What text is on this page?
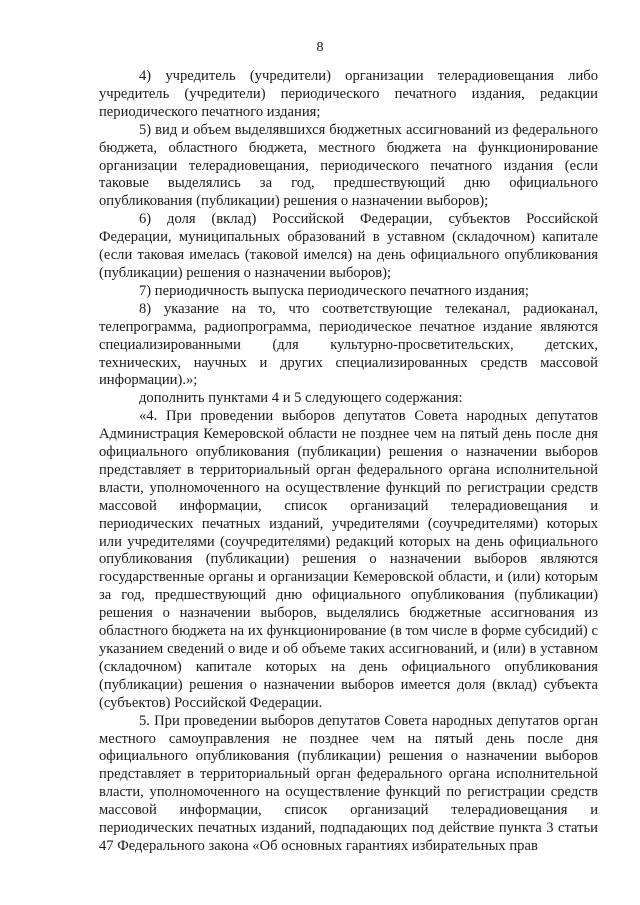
8

4) учредитель (учредители) организации телерадиовещания либо учредитель (учредители) периодического печатного издания, редакции периодического печатного издания;

5) вид и объем выделявшихся бюджетных ассигнований из федерального бюджета, областного бюджета, местного бюджета на функционирование организации телерадиовещания, периодического печатного издания (если таковые выделялись за год, предшествующий дню официального опубликования (публикации) решения о назначении выборов);

6) доля (вклад) Российской Федерации, субъектов Российской Федерации, муниципальных образований в уставном (складочном) капитале (если таковая имелась (таковой имелся) на день официального опубликования (публикации) решения о назначении выборов);

7) периодичность выпуска периодического печатного издания;

8) указание на то, что соответствующие телеканал, радиоканал, телепрограмма, радиопрограмма, периодическое печатное издание являются специализированными (для культурно-просветительских, детских, технических, научных и других специализированных средств массовой информации).»;

дополнить пунктами 4 и 5 следующего содержания:

«4. При проведении выборов депутатов Совета народных депутатов Администрация Кемеровской области не позднее чем на пятый день после дня официального опубликования (публикации) решения о назначении выборов представляет в территориальный орган федерального органа исполнительной власти, уполномоченного на осуществление функций по регистрации средств массовой информации, список организаций телерадиовещания и периодических печатных изданий, учредителями (соучредителями) которых или учредителями (соучредителями) редакций которых на день официального опубликования (публикации) решения о назначении выборов являются государственные органы и организации Кемеровской области, и (или) которым за год, предшествующий дню официального опубликования (публикации) решения о назначении выборов, выделялись бюджетные ассигнования из областного бюджета на их функционирование (в том числе в форме субсидий) с указанием сведений о виде и об объеме таких ассигнований, и (или) в уставном (складочном) капитале которых на день официального опубликования (публикации) решения о назначении выборов имеется доля (вклад) субъекта (субъектов) Российской Федерации.

5. При проведении выборов депутатов Совета народных депутатов орган местного самоуправления не позднее чем на пятый день после дня официального опубликования (публикации) решения о назначении выборов представляет в территориальный орган федерального органа исполнительной власти, уполномоченного на осуществление функций по регистрации средств массовой информации, список организаций телерадиовещания и периодических печатных изданий, подпадающих под действие пункта 3 статьи 47 Федерального закона «Об основных гарантиях избирательных прав
